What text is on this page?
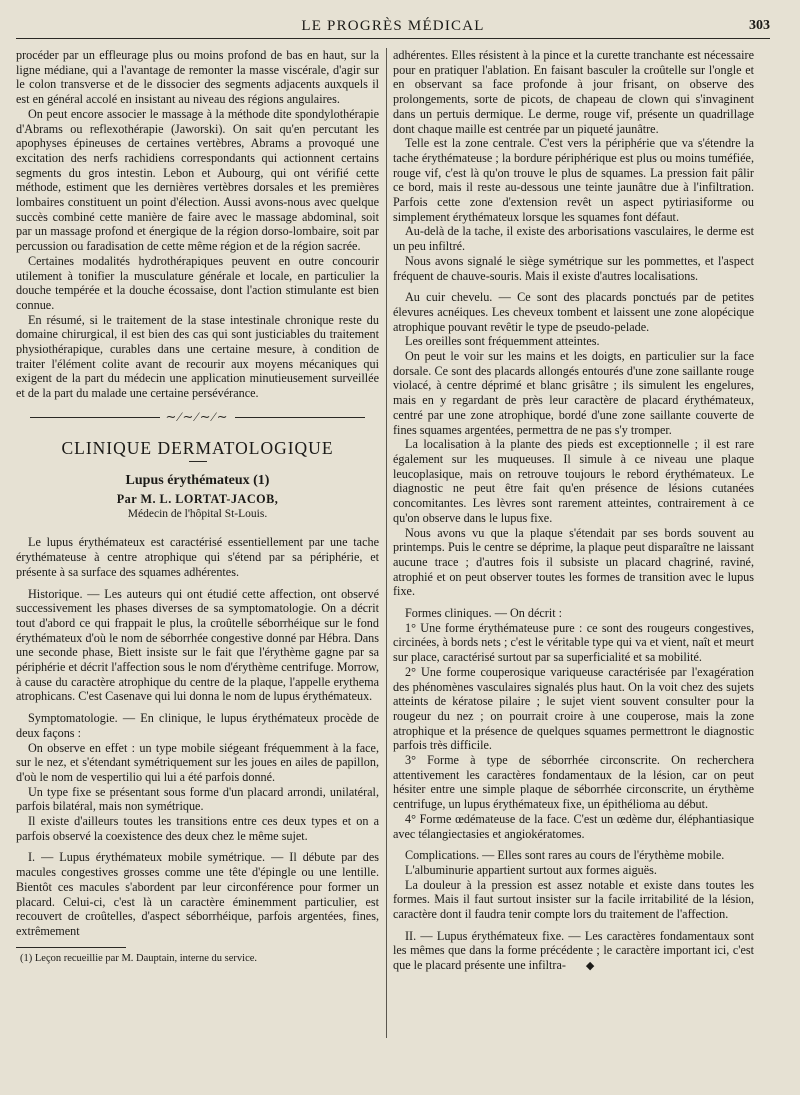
LE PROGRÈS MÉDICAL	303

procéder par un effleurage plus ou moins profond de bas en haut, sur la ligne médiane, qui a l'avantage de remonter la masse viscérale, d'agir sur le colon transverse et de le dissocier des segments adjacents auxquels il est en général accolé en insistant au niveau des régions angulaires.

On peut encore associer le massage à la méthode dite spondylothérapie d'Abrams ou reflexothérapie (Jaworski). On sait qu'en percutant les apophyses épineuses de certaines vertèbres, Abrams a provoqué une excitation des nerfs rachidiens correspondants qui actionnent certains segments du gros intestin. Lebon et Aubourg, qui ont vérifié cette méthode, estiment que les dernières vertèbres dorsales et les premières lombaires constituent un point d'élection. Aussi avons-nous avec quelque succès combiné cette manière de faire avec le massage abdominal, soit par un massage profond et énergique de la région dorso-lombaire, soit par percussion ou faradisation de cette même région et de la région sacrée.

Certaines modalités hydrothérapiques peuvent en outre concourir utilement à tonifier la musculature générale et locale, en particulier la douche tempérée et la douche écossaise, dont l'action stimulante est bien connue.

En résumé, si le traitement de la stase intestinale chronique reste du domaine chirurgical, il est bien des cas qui sont justiciables du traitement physiothérapique, curables dans une certaine mesure, à condition de traiter l'élément colite avant de recourir aux moyens mécaniques qui exigent de la part du médecin une application minutieusement surveillée et de la part du malade une certaine persévérance.

∼∕∼∕∼∕∼
CLINIQUE DERMATOLOGIQUE
Lupus érythémateux (1)
Par M. L. LORTAT-JACOB,
Médecin de l'hôpital St-Louis.

Le lupus érythémateux est caractérisé essentiellement par une tache érythémateuse à centre atrophique qui s'étend par sa périphérie, et présente à sa surface des squames adhérentes.

Historique. — Les auteurs qui ont étudié cette affection, ont observé successivement les phases diverses de sa symptomatologie. On a décrit tout d'abord ce qui frappait le plus, la croûtelle séborrhéique sur le fond érythémateux d'où le nom de séborrhée congestive donné par Hébra. Dans une seconde phase, Biett insiste sur le fait que l'érythème gagne par sa périphérie et décrit l'affection sous le nom d'érythème centrifuge. Morrow, à cause du caractère atrophique du centre de la plaque, l'appelle erythema atrophicans. C'est Casenave qui lui donna le nom de lupus érythémateux.

Symptomatologie. — En clinique, le lupus érythémateux procède de deux façons :

On observe en effet : un type mobile siégeant fréquemment à la face, sur le nez, et s'étendant symétriquement sur les joues en ailes de papillon, d'où le nom de vespertilio qui lui a été parfois donné.

Un type fixe se présentant sous forme d'un placard arrondi, unilatéral, parfois bilatéral, mais non symétrique.

Il existe d'ailleurs toutes les transitions entre ces deux types et on a parfois observé la coexistence des deux chez le même sujet.

I. — Lupus érythémateux mobile symétrique. — Il débute par des macules congestives grosses comme une tête d'épingle ou une lentille. Bientôt ces macules s'abordent par leur circonférence pour former un placard. Celui-ci, c'est là un caractère éminemment particulier, est recouvert de croûtelles, d'aspect séborrhéique, parfois argentées, fines, extrêmement

(1) Leçon recueillie par M. Dauptain, interne du service.

adhérentes. Elles résistent à la pince et la curette tranchante est nécessaire pour en pratiquer l'ablation. En faisant basculer la croûtelle sur l'ongle et en observant sa face profonde à jour frisant, on observe des prolongements, sorte de picots, de chapeau de clown qui s'invaginent dans un pertuis dermique. Le derme, rouge vif, présente un quadrillage dont chaque maille est centrée par un piqueté jaunâtre.

Telle est la zone centrale. C'est vers la périphérie que va s'étendre la tache érythémateuse ; la bordure périphérique est plus ou moins tuméfiée, rouge vif, c'est là qu'on trouve le plus de squames. La pression fait pâlir ce bord, mais il reste au-dessous une teinte jaunâtre due à l'infiltration. Parfois cette zone d'extension revêt un aspect pytiriasiforme ou simplement érythémateux lorsque les squames font défaut.

Au-delà de la tache, il existe des arborisations vasculaires, le derme est un peu infiltré.

Nous avons signalé le siège symétrique sur les pommettes, et l'aspect fréquent de chauve-souris. Mais il existe d'autres localisations.

Au cuir chevelu. — Ce sont des placards ponctués par de petites élevures acnéiques. Les cheveux tombent et laissent une zone alopécique atrophique pouvant revêtir le type de pseudo-pelade.

Les oreilles sont fréquemment atteintes.

On peut le voir sur les mains et les doigts, en particulier sur la face dorsale. Ce sont des placards allongés entourés d'une zone saillante rouge violacé, à centre déprimé et blanc grisâtre ; ils simulent les engelures, mais en y regardant de près leur caractère de placard érythémateux, centré par une zone atrophique, bordé d'une zone saillante couverte de fines squames argentées, permettra de ne pas s'y tromper.

La localisation à la plante des pieds est exceptionnelle ; il est rare également sur les muqueuses. Il simule à ce niveau une plaque leucoplasique, mais on retrouve toujours le rebord érythémateux. Le diagnostic ne peut être fait qu'en présence de lésions cutanées concomitantes. Les lèvres sont rarement atteintes, contrairement à ce qu'on observe dans le lupus fixe.

Nous avons vu que la plaque s'étendait par ses bords souvent au printemps. Puis le centre se déprime, la plaque peut disparaître ne laissant aucune trace ; d'autres fois il subsiste un placard chagriné, raviné, atrophié et on peut observer toutes les formes de transition avec le lupus fixe.

Formes cliniques. — On décrit :

1° Une forme érythémateuse pure : ce sont des rougeurs congestives, circinées, à bords nets ; c'est le véritable type qui va et vient, naît et meurt sur place, caractérisé surtout par sa superficialité et sa mobilité.

2° Une forme couperosique variqueuse caractérisée par l'exagération des phénomènes vasculaires signalés plus haut. On la voit chez des sujets atteints de kératose pilaire ; le sujet vient souvent consulter pour la rougeur du nez ; on pourrait croire à une couperose, mais la zone atrophique et la présence de quelques squames permettront le diagnostic parfois très difficile.

3° Forme à type de séborrhée circonscrite. On recherchera attentivement les caractères fondamentaux de la lésion, car on peut hésiter entre une simple plaque de séborrhée circonscrite, un érythème centrifuge, un lupus érythémateux fixe, un épithélioma au début.

4° Forme œdémateuse de la face. C'est un œdème dur, éléphantiasique avec télangiectasies et angiokératomes.

Complications. — Elles sont rares au cours de l'érythème mobile.

L'albuminurie appartient surtout aux formes aiguës.

La douleur à la pression est assez notable et existe dans toutes les formes. Mais il faut surtout insister sur la facile irritabilité de la lésion, caractère dont il faudra tenir compte lors du traitement de l'affection.

II. — Lupus érythémateux fixe. — Les caractères fondamentaux sont les mêmes que dans la forme précédente ; le caractère important ici, c'est que le placard présente une infiltra- ◆
